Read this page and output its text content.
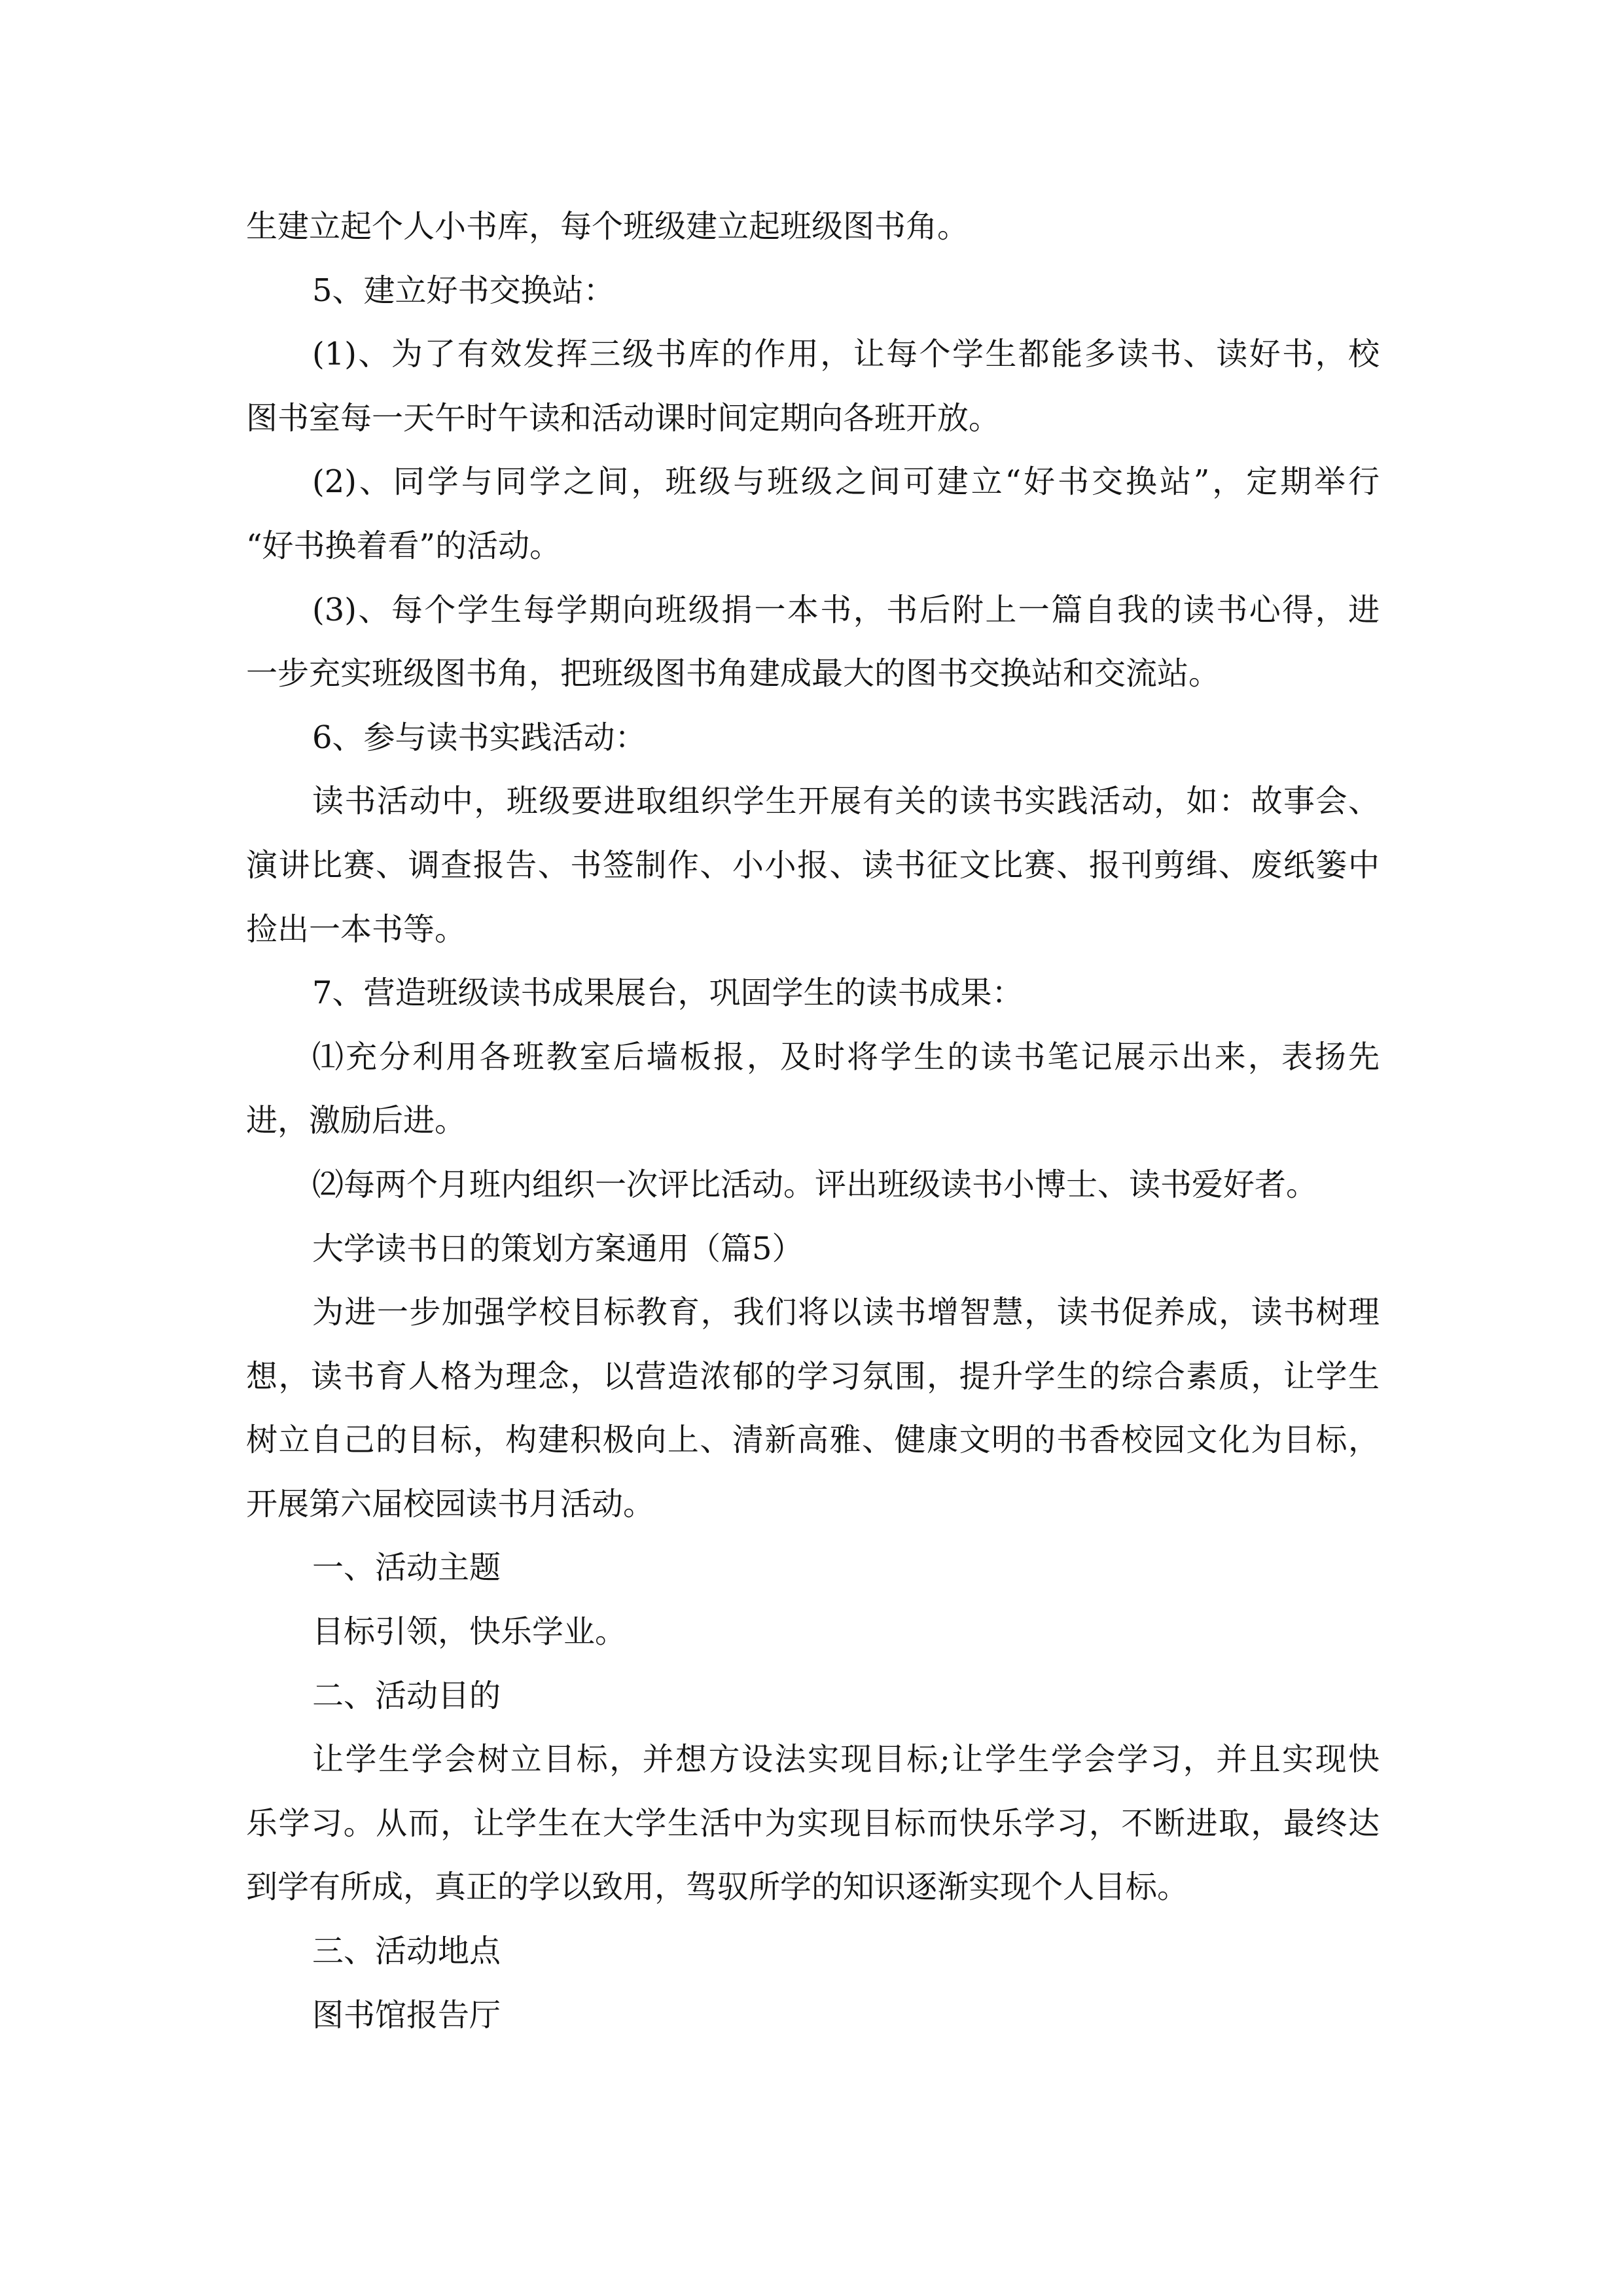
生建立起个人小书库，每个班级建立起班级图书角。
5、建立好书交换站：
(1)、为了有效发挥三级书库的作用，让每个学生都能多读书、读好书，校
图书室每一天午时午读和活动课时间定期向各班开放。
(2)、同学与同学之间，班级与班级之间可建立“好书交换站”，定期举行
“好书换着看”的活动。
(3)、每个学生每学期向班级捐一本书，书后附上一篇自我的读书心得，进
一步充实班级图书角，把班级图书角建成最大的图书交换站和交流站。
6、参与读书实践活动：
读书活动中，班级要进取组织学生开展有关的读书实践活动，如：故事会、
演讲比赛、调查报告、书签制作、小小报、读书征文比赛、报刊剪缉、废纸篓中
捡出一本书等。
7、营造班级读书成果展台，巩固学生的读书成果：
⑴充分利用各班教室后墙板报，及时将学生的读书笔记展示出来，表扬先
进，激励后进。
⑵每两个月班内组织一次评比活动。评出班级读书小博士、读书爱好者。
大学读书日的策划方案通用（篇5）
为进一步加强学校目标教育，我们将以读书增智慧，读书促养成，读书树理
想，读书育人格为理念，以营造浓郁的学习氛围，提升学生的综合素质，让学生
树立自己的目标，构建积极向上、清新高雅、健康文明的书香校园文化为目标，
开展第六届校园读书月活动。
一、活动主题
目标引领，快乐学业。
二、活动目的
让学生学会树立目标，并想方设法实现目标;让学生学会学习，并且实现快
乐学习。从而，让学生在大学生活中为实现目标而快乐学习，不断进取，最终达
到学有所成，真正的学以致用，驾驭所学的知识逐渐实现个人目标。
三、活动地点
图书馆报告厅
